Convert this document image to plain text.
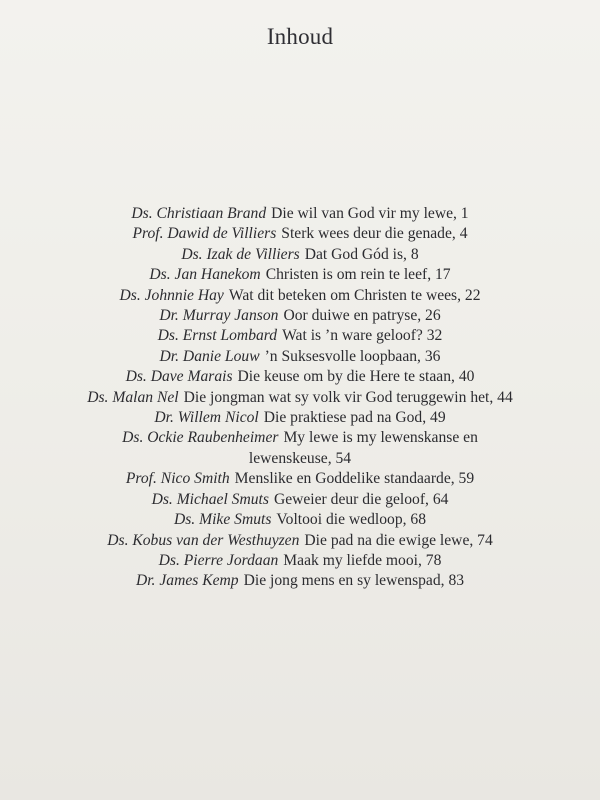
Inhoud
Ds. Christiaan Brand Die wil van God vir my lewe, 1
Prof. Dawid de Villiers Sterk wees deur die genade, 4
Ds. Izak de Villiers Dat God Gód is, 8
Ds. Jan Hanekom Christen is om rein te leef, 17
Ds. Johnnie Hay Wat dit beteken om Christen te wees, 22
Dr. Murray Janson Oor duiwe en patryse, 26
Ds. Ernst Lombard Wat is ’n ware geloof? 32
Dr. Danie Louw ’n Suksesvolle loopbaan, 36
Ds. Dave Marais Die keuse om by die Here te staan, 40
Ds. Malan Nel Die jongman wat sy volk vir God teruggewin het, 44
Dr. Willem Nicol Die praktiese pad na God, 49
Ds. Ockie Raubenheimer My lewe is my lewenskanse en lewenskeuse, 54
Prof. Nico Smith Menslike en Goddelike standaarde, 59
Ds. Michael Smuts Geweier deur die geloof, 64
Ds. Mike Smuts Voltooi die wedloop, 68
Ds. Kobus van der Westhuyzen Die pad na die ewige lewe, 74
Ds. Pierre Jordaan Maak my liefde mooi, 78
Dr. James Kemp Die jong mens en sy lewenspad, 83
